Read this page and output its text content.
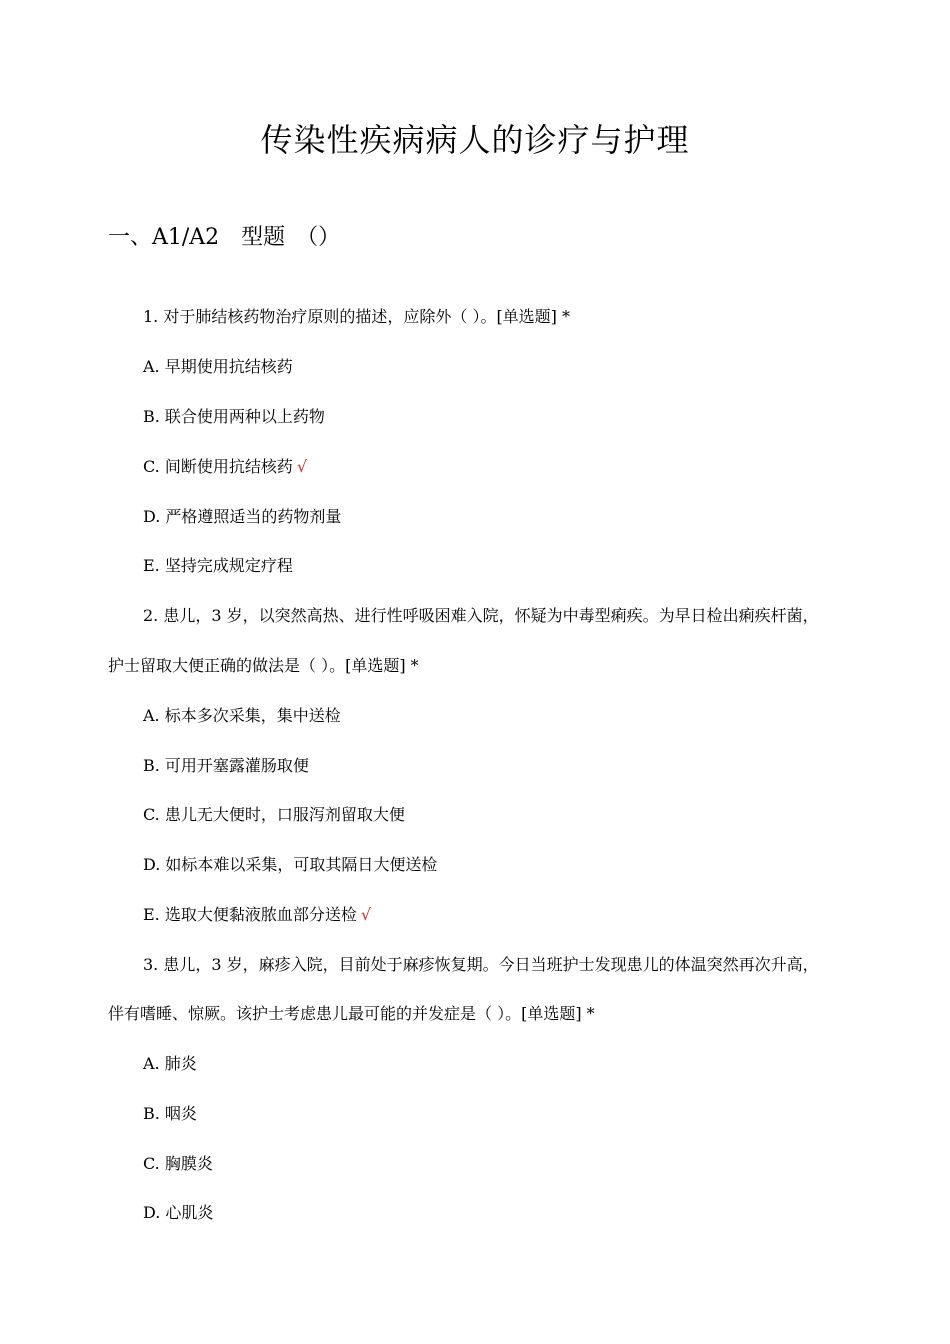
传染性疾病病人的诊疗与护理
一、A1/A2　型题　（）
1. 对于肺结核药物治疗原则的描述，应除外（ ）。[单选题] *
A. 早期使用抗结核药
B. 联合使用两种以上药物
C. 间断使用抗结核药 √
D. 严格遵照适当的药物剂量
E. 坚持完成规定疗程
2. 患儿，3 岁，以突然高热、进行性呼吸困难入院，怀疑为中毒型痢疾。为早日检出痢疾杆菌，
护士留取大便正确的做法是（ ）。[单选题] *
A. 标本多次采集，集中送检
B. 可用开塞露灌肠取便
C. 患儿无大便时，口服泻剂留取大便
D. 如标本难以采集，可取其隔日大便送检
E. 选取大便黏液脓血部分送检 √
3. 患儿，3 岁，麻疹入院，目前处于麻疹恢复期。今日当班护士发现患儿的体温突然再次升高，
伴有嗜睡、惊厥。该护士考虑患儿最可能的并发症是（ ）。[单选题] *
A. 肺炎
B. 咽炎
C. 胸膜炎
D. 心肌炎
